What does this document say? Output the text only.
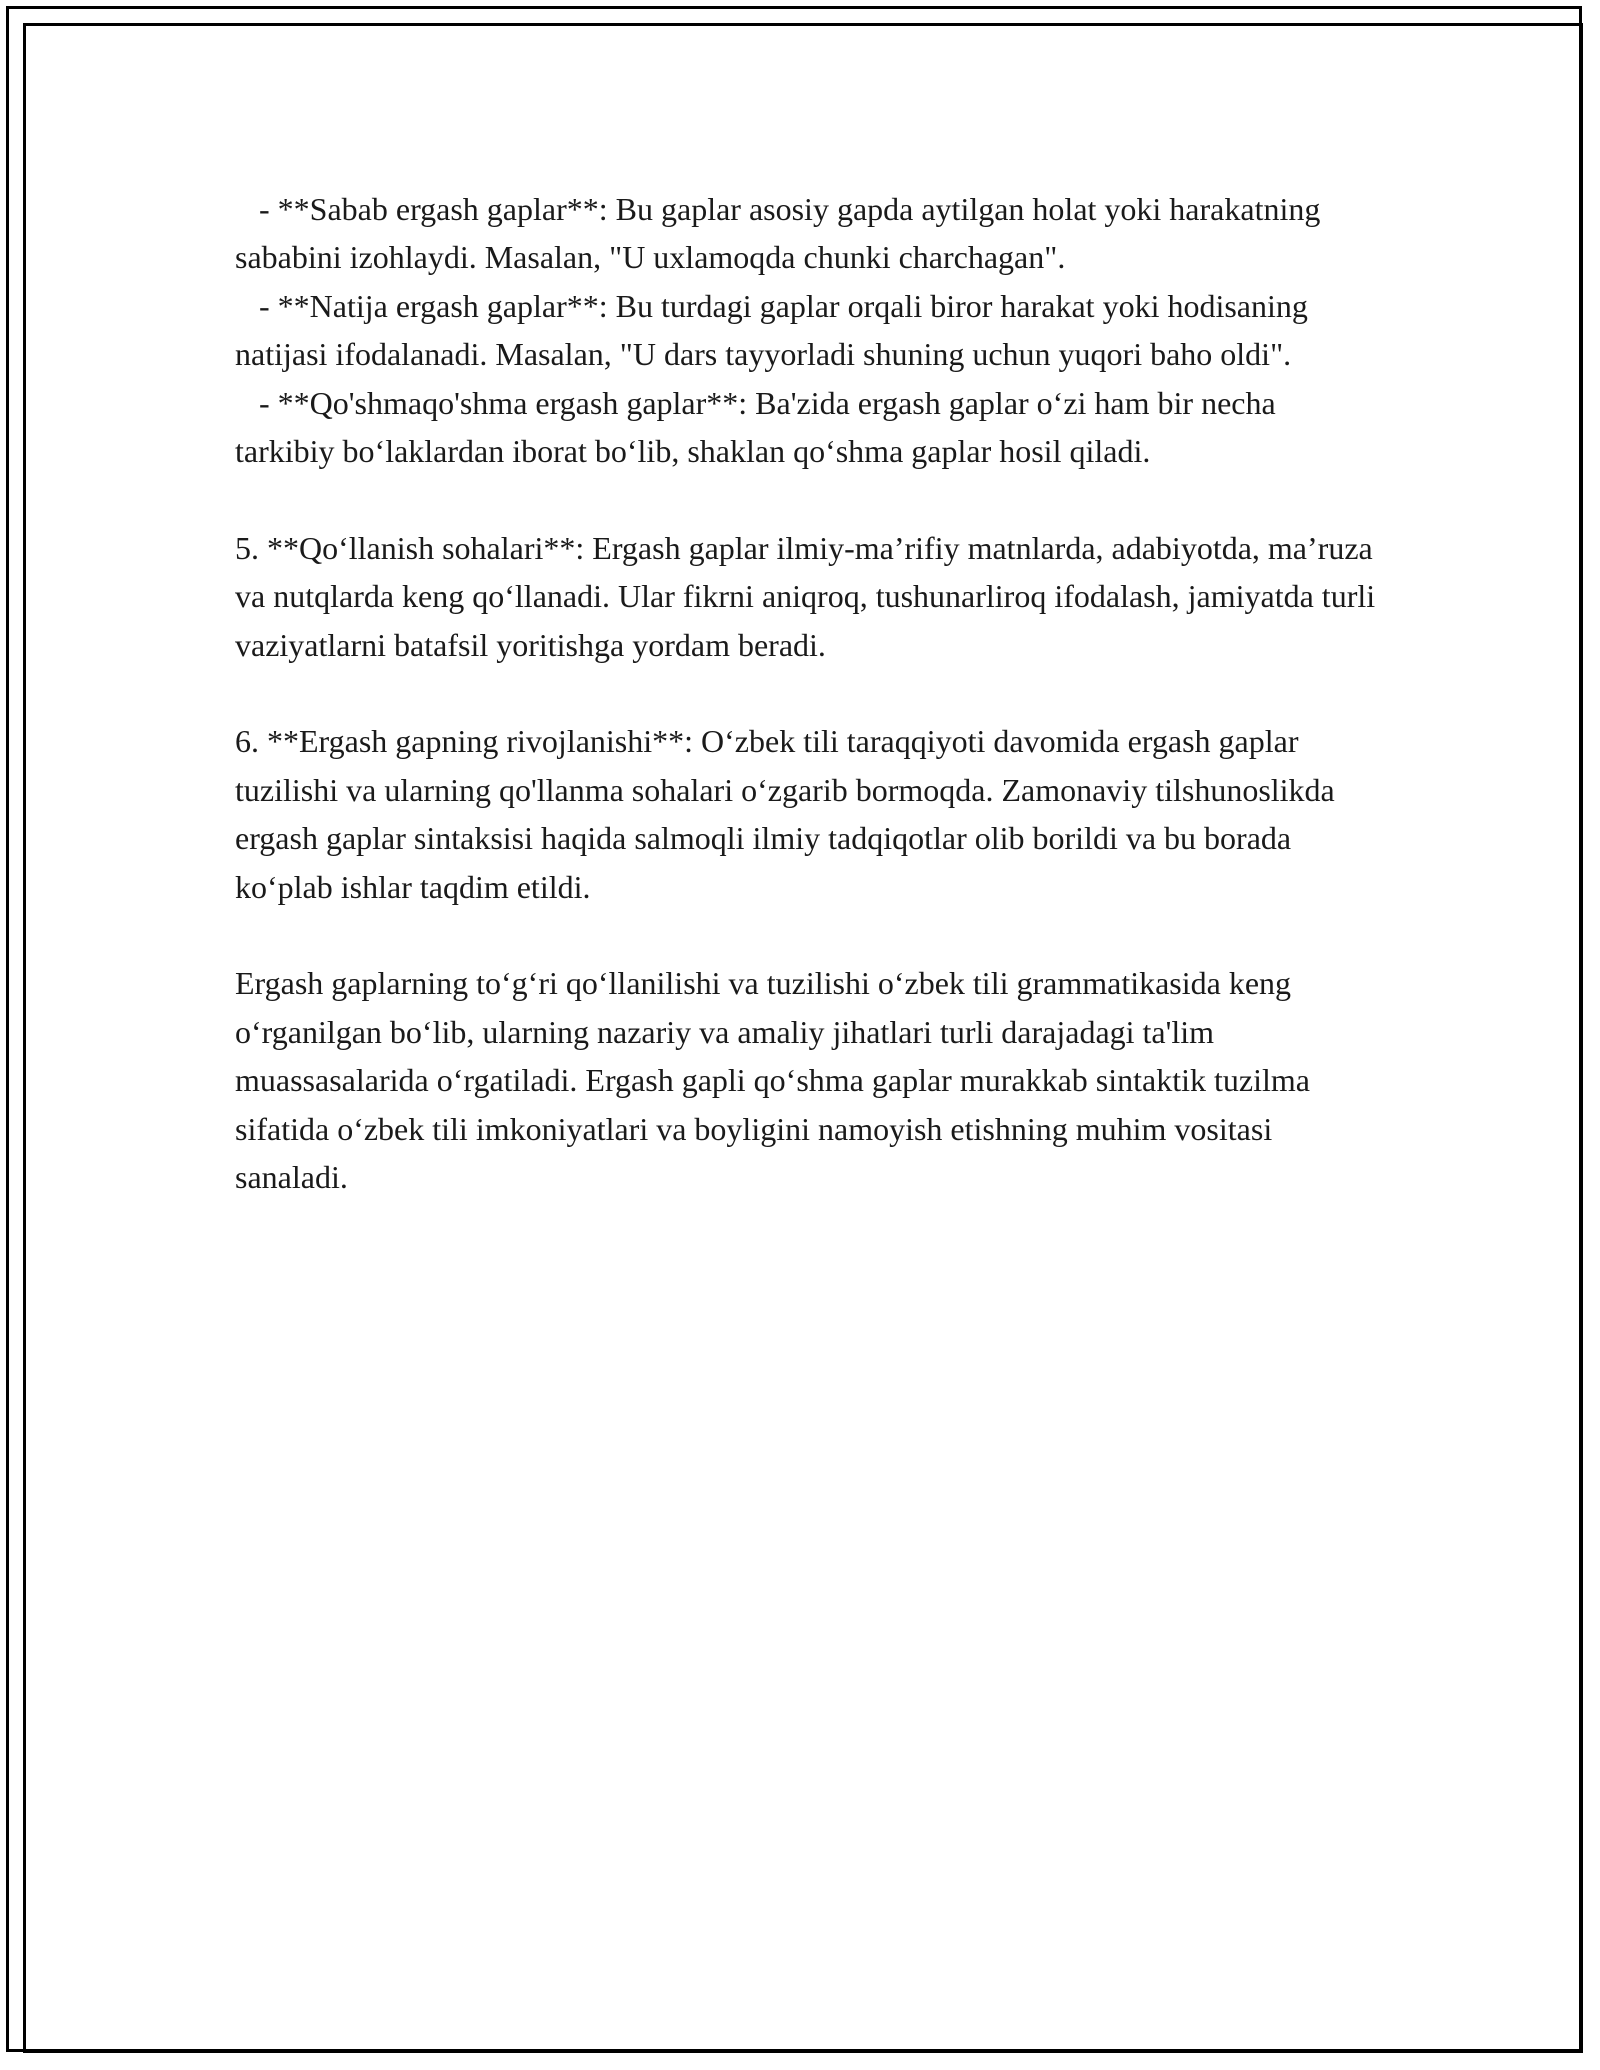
- **Sabab ergash gaplar**: Bu gaplar asosiy gapda aytilgan holat yoki harakatning sababini izohlaydi. Masalan, "U uxlamoqda chunki charchagan".

- **Natija ergash gaplar**: Bu turdagi gaplar orqali biror harakat yoki hodisaning natijasi ifodalanadi. Masalan, "U dars tayyorladi shuning uchun yuqori baho oldi".

- **Qo'shmaqo'shma ergash gaplar**: Ba'zida ergash gaplar o‘zi ham bir necha tarkibiy bo‘laklardan iborat bo‘lib, shaklan qo‘shma gaplar hosil qiladi.

5. **Qo‘llanish sohalari**: Ergash gaplar ilmiy-ma’rifiy matnlarda, adabiyotda, ma’ruza va nutqlarda keng qo‘llanadi. Ular fikrni aniqroq, tushunarliroq ifodalash, jamiyatda turli vaziyatlarni batafsil yoritishga yordam beradi.

6. **Ergash gapning rivojlanishi**: O‘zbek tili taraqqiyoti davomida ergash gaplar tuzilishi va ularning qo'llanma sohalari o‘zgarib bormoqda. Zamonaviy tilshunoslikda ergash gaplar sintaksisi haqida salmoqli ilmiy tadqiqotlar olib borildi va bu borada ko‘plab ishlar taqdim etildi.

Ergash gaplarning to‘g‘ri qo‘llanilishi va tuzilishi o‘zbek tili grammatikasida keng o‘rganilgan bo‘lib, ularning nazariy va amaliy jihatlari turli darajadagi ta'lim muassasalarida o‘rgatiladi. Ergash gapli qo‘shma gaplar murakkab sintaktik tuzilma sifatida o‘zbek tili imkoniyatlari va boyligini namoyish etishning muhim vositasi sanaladi.
